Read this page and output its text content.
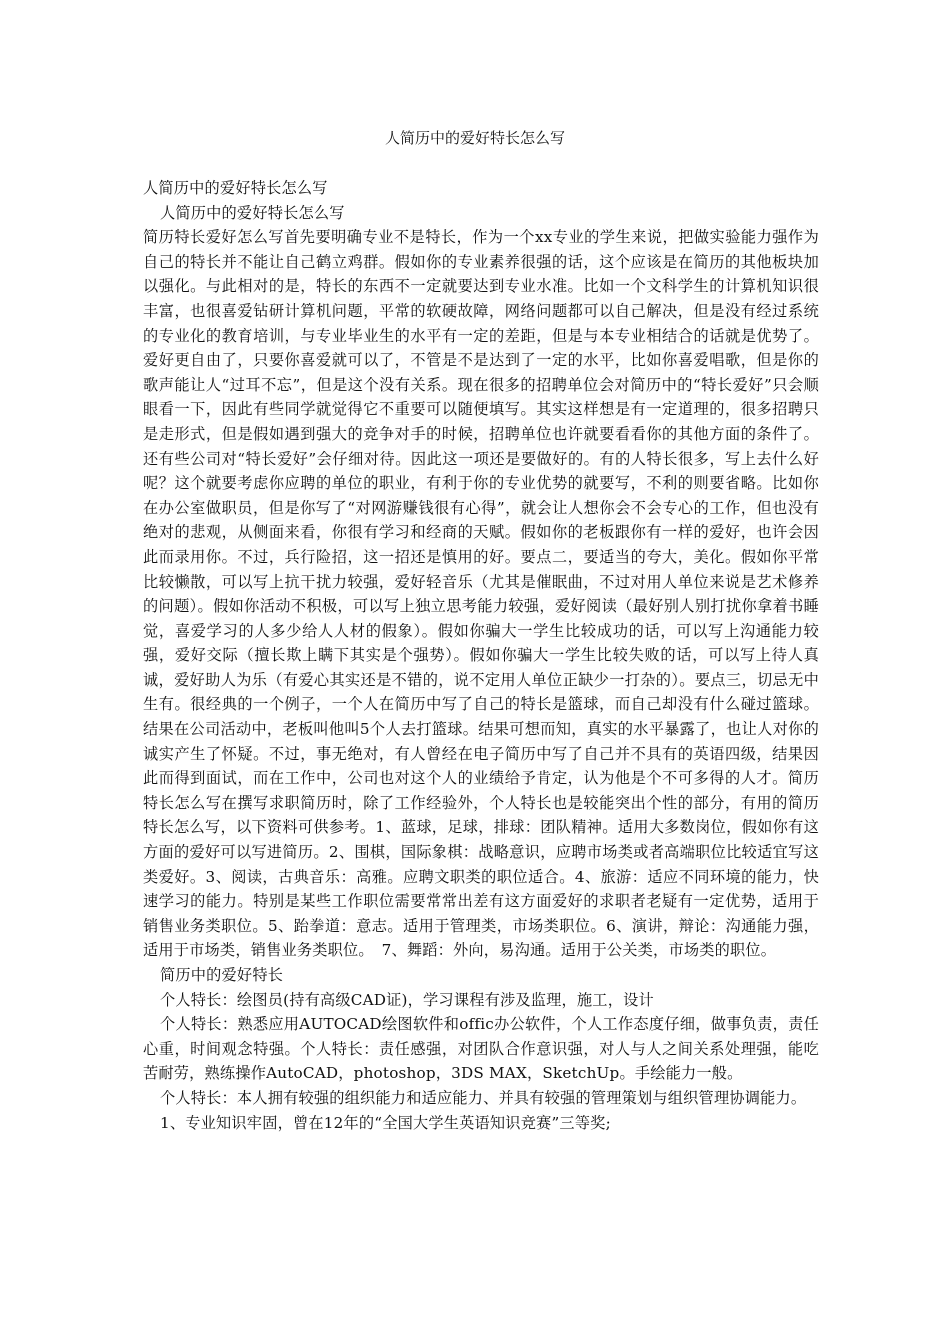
人简历中的爱好特长怎么写

人简历中的爱好特长怎么写

人简历中的爱好特长怎么写

简历特长爱好怎么写首先要明确专业不是特长，作为一个xx专业的学生来说，把做实验能力强作为自己的特长并不能让自己鹤立鸡群。假如你的专业素养很强的话，这个应该是在简历的其他板块加以强化。与此相对的是，特长的东西不一定就要达到专业水准。比如一个文科学生的计算机知识很丰富，也很喜爱钻研计算机问题，平常的软硬故障，网络问题都可以自己解决，但是没有经过系统的专业化的教育培训，与专业毕业生的水平有一定的差距，但是与本专业相结合的话就是优势了。爱好更自由了，只要你喜爱就可以了，不管是不是达到了一定的水平，比如你喜爱唱歌，但是你的歌声能让人“过耳不忘”，但是这个没有关系。现在很多的招聘单位会对简历中的“特长爱好”只会顺眼看一下，因此有些同学就觉得它不重要可以随便填写。其实这样想是有一定道理的，很多招聘只是走形式，但是假如遇到强大的竞争对手的时候，招聘单位也许就要看看你的其他方面的条件了。还有些公司对“特长爱好”会仔细对待。因此这一项还是要做好的。有的人特长很多，写上去什么好呢？这个就要考虑你应聘的单位的职业，有利于你的专业优势的就要写，不利的则要省略。比如你在办公室做职员，但是你写了“对网游赚钱很有心得”，就会让人想你会不会专心的工作，但也没有绝对的悲观，从侧面来看，你很有学习和经商的天赋。假如你的老板跟你有一样的爱好，也许会因此而录用你。不过，兵行险招，这一招还是慎用的好。要点二，要适当的夸大，美化。假如你平常比较懒散，可以写上抗干扰力较强，爱好轻音乐（尤其是催眠曲，不过对用人单位来说是艺术修养的问题）。假如你活动不积极，可以写上独立思考能力较强，爱好阅读（最好别人别打扰你拿着书睡觉，喜爱学习的人多少给人人材的假象）。假如你骗大一学生比较成功的话，可以写上沟通能力较强，爱好交际（擅长欺上瞒下其实是个强势）。假如你骗大一学生比较失败的话，可以写上待人真诚，爱好助人为乐（有爱心其实还是不错的，说不定用人单位正缺少一打杂的）。要点三，切忌无中生有。很经典的一个例子，一个人在简历中写了自己的特长是篮球，而自己却没有什么碰过篮球。结果在公司活动中，老板叫他叫5个人去打篮球。结果可想而知，真实的水平暴露了，也让人对你的诚实产生了怀疑。不过，事无绝对，有人曾经在电子简历中写了自己并不具有的英语四级，结果因此而得到面试，而在工作中，公司也对这个人的业绩给予肯定，认为他是个不可多得的人才。简历特长怎么写在撰写求职简历时，除了工作经验外，个人特长也是较能突出个性的部分，有用的简历特长怎么写，以下资料可供参考。1、蓝球，足球，排球：团队精神。适用大多数岗位，假如你有这方面的爱好可以写进简历。2、围棋，国际象棋：战略意识，应聘市场类或者高端职位比较适宜写这类爱好。3、阅读，古典音乐：高雅。应聘文职类的职位适合。4、旅游：适应不同环境的能力，快速学习的能力。特别是某些工作职位需要常常出差有这方面爱好的求职者老疑有一定优势，适用于销售业务类职位。5、跆拳道：意志。适用于管理类，市场类职位。6、演讲，辩论：沟通能力强，适用于市场类，销售业务类职位。　7、舞蹈：外向，易沟通。适用于公关类，市场类的职位。

简历中的爱好特长

个人特长：绘图员(持有高级CAD证)，学习课程有涉及监理，施工，设计

个人特长：熟悉应用AUTOCAD绘图软件和offic办公软件，个人工作态度仔细，做事负责，责任心重，时间观念特强。个人特长：责任感强，对团队合作意识强，对人与人之间关系处理强，能吃苦耐劳，熟练操作AutoCAD，photoshop，3DS MAX，SketchUp。手绘能力一般。

个人特长：本人拥有较强的组织能力和适应能力、并具有较强的管理策划与组织管理协调能力。

1、专业知识牢固，曾在12年的“全国大学生英语知识竞赛”三等奖;
